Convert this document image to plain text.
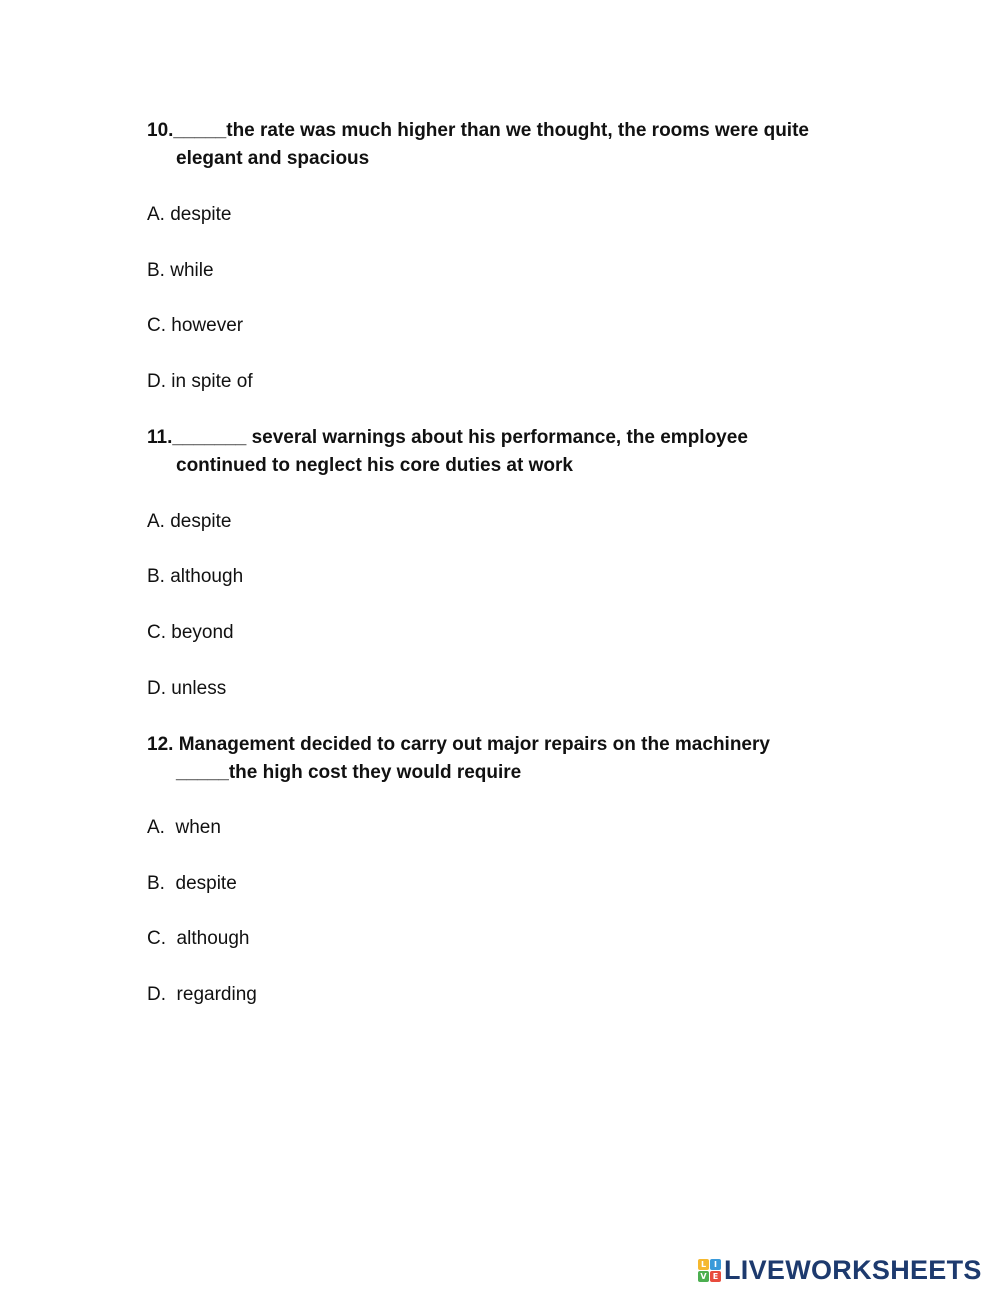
10._____the rate was much higher than we thought, the rooms were quite
elegant and spacious
A. despite
B. while
C. however
D. in spite of
11._______ several warnings about his performance, the employee
continued to neglect his core duties at work
A. despite
B. although
C. beyond
D. unless
12. Management decided to carry out major repairs on the machinery
_____the high cost they would require
A.  when
B.  despite
C.  although
D.  regarding
L I
V E LIVEWORKSHEETS
